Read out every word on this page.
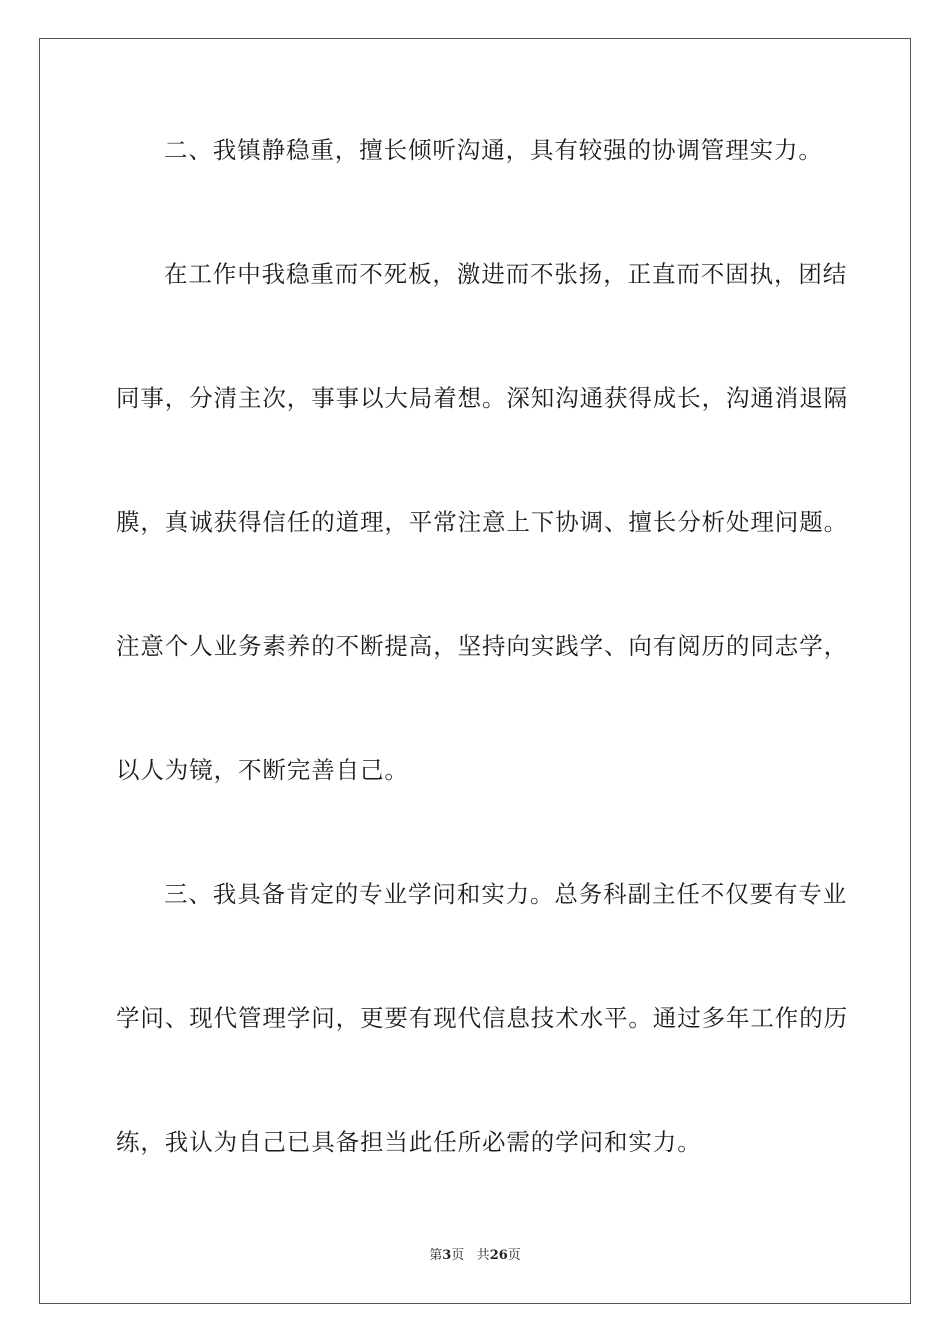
二、我镇静稳重，擅长倾听沟通，具有较强的协调管理实力。
在工作中我稳重而不死板，激进而不张扬，正直而不固执，团结
同事，分清主次，事事以大局着想。深知沟通获得成长，沟通消退隔
膜，真诚获得信任的道理，平常注意上下协调、擅长分析处理问题。
注意个人业务素养的不断提高，坚持向实践学、向有阅历的同志学，
以人为镜，不断完善自己。
三、我具备肯定的专业学问和实力。总务科副主任不仅要有专业
学问、现代管理学问，更要有现代信息技术水平。通过多年工作的历
练，我认为自己已具备担当此任所必需的学问和实力。
第3页 共26页
